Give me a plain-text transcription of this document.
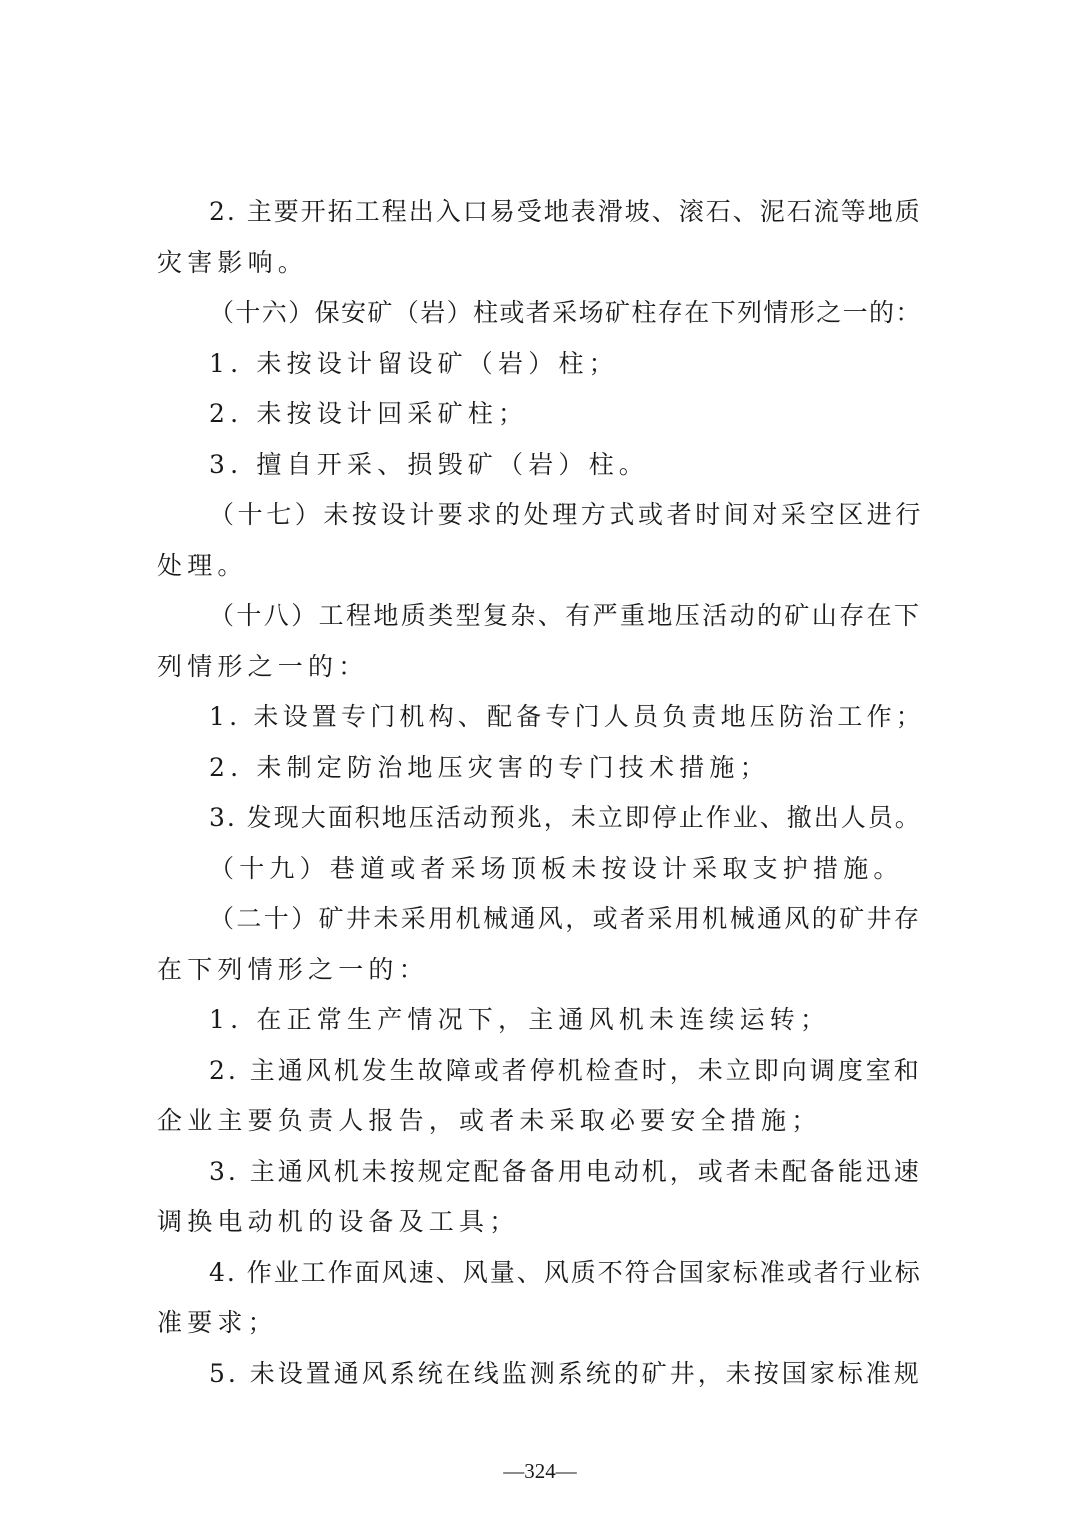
2. 主要开拓工程出入口易受地表滑坡、滚石、泥石流等地质
灾害影响。
（十六）保安矿（岩）柱或者采场矿柱存在下列情形之一的：
1. 未按设计留设矿（岩）柱；
2. 未按设计回采矿柱；
3. 擅自开采、损毁矿（岩）柱。
（十七）未按设计要求的处理方式或者时间对采空区进行
处理。
（十八）工程地质类型复杂、有严重地压活动的矿山存在下
列情形之一的：
1. 未设置专门机构、配备专门人员负责地压防治工作；
2. 未制定防治地压灾害的专门技术措施；
3. 发现大面积地压活动预兆，未立即停止作业、撤出人员。
（十九）巷道或者采场顶板未按设计采取支护措施。
（二十）矿井未采用机械通风，或者采用机械通风的矿井存
在下列情形之一的：
1. 在正常生产情况下，主通风机未连续运转；
2. 主通风机发生故障或者停机检查时，未立即向调度室和
企业主要负责人报告，或者未采取必要安全措施；
3. 主通风机未按规定配备备用电动机，或者未配备能迅速
调换电动机的设备及工具；
4. 作业工作面风速、风量、风质不符合国家标准或者行业标
准要求；
5. 未设置通风系统在线监测系统的矿井，未按国家标准规
—324—
